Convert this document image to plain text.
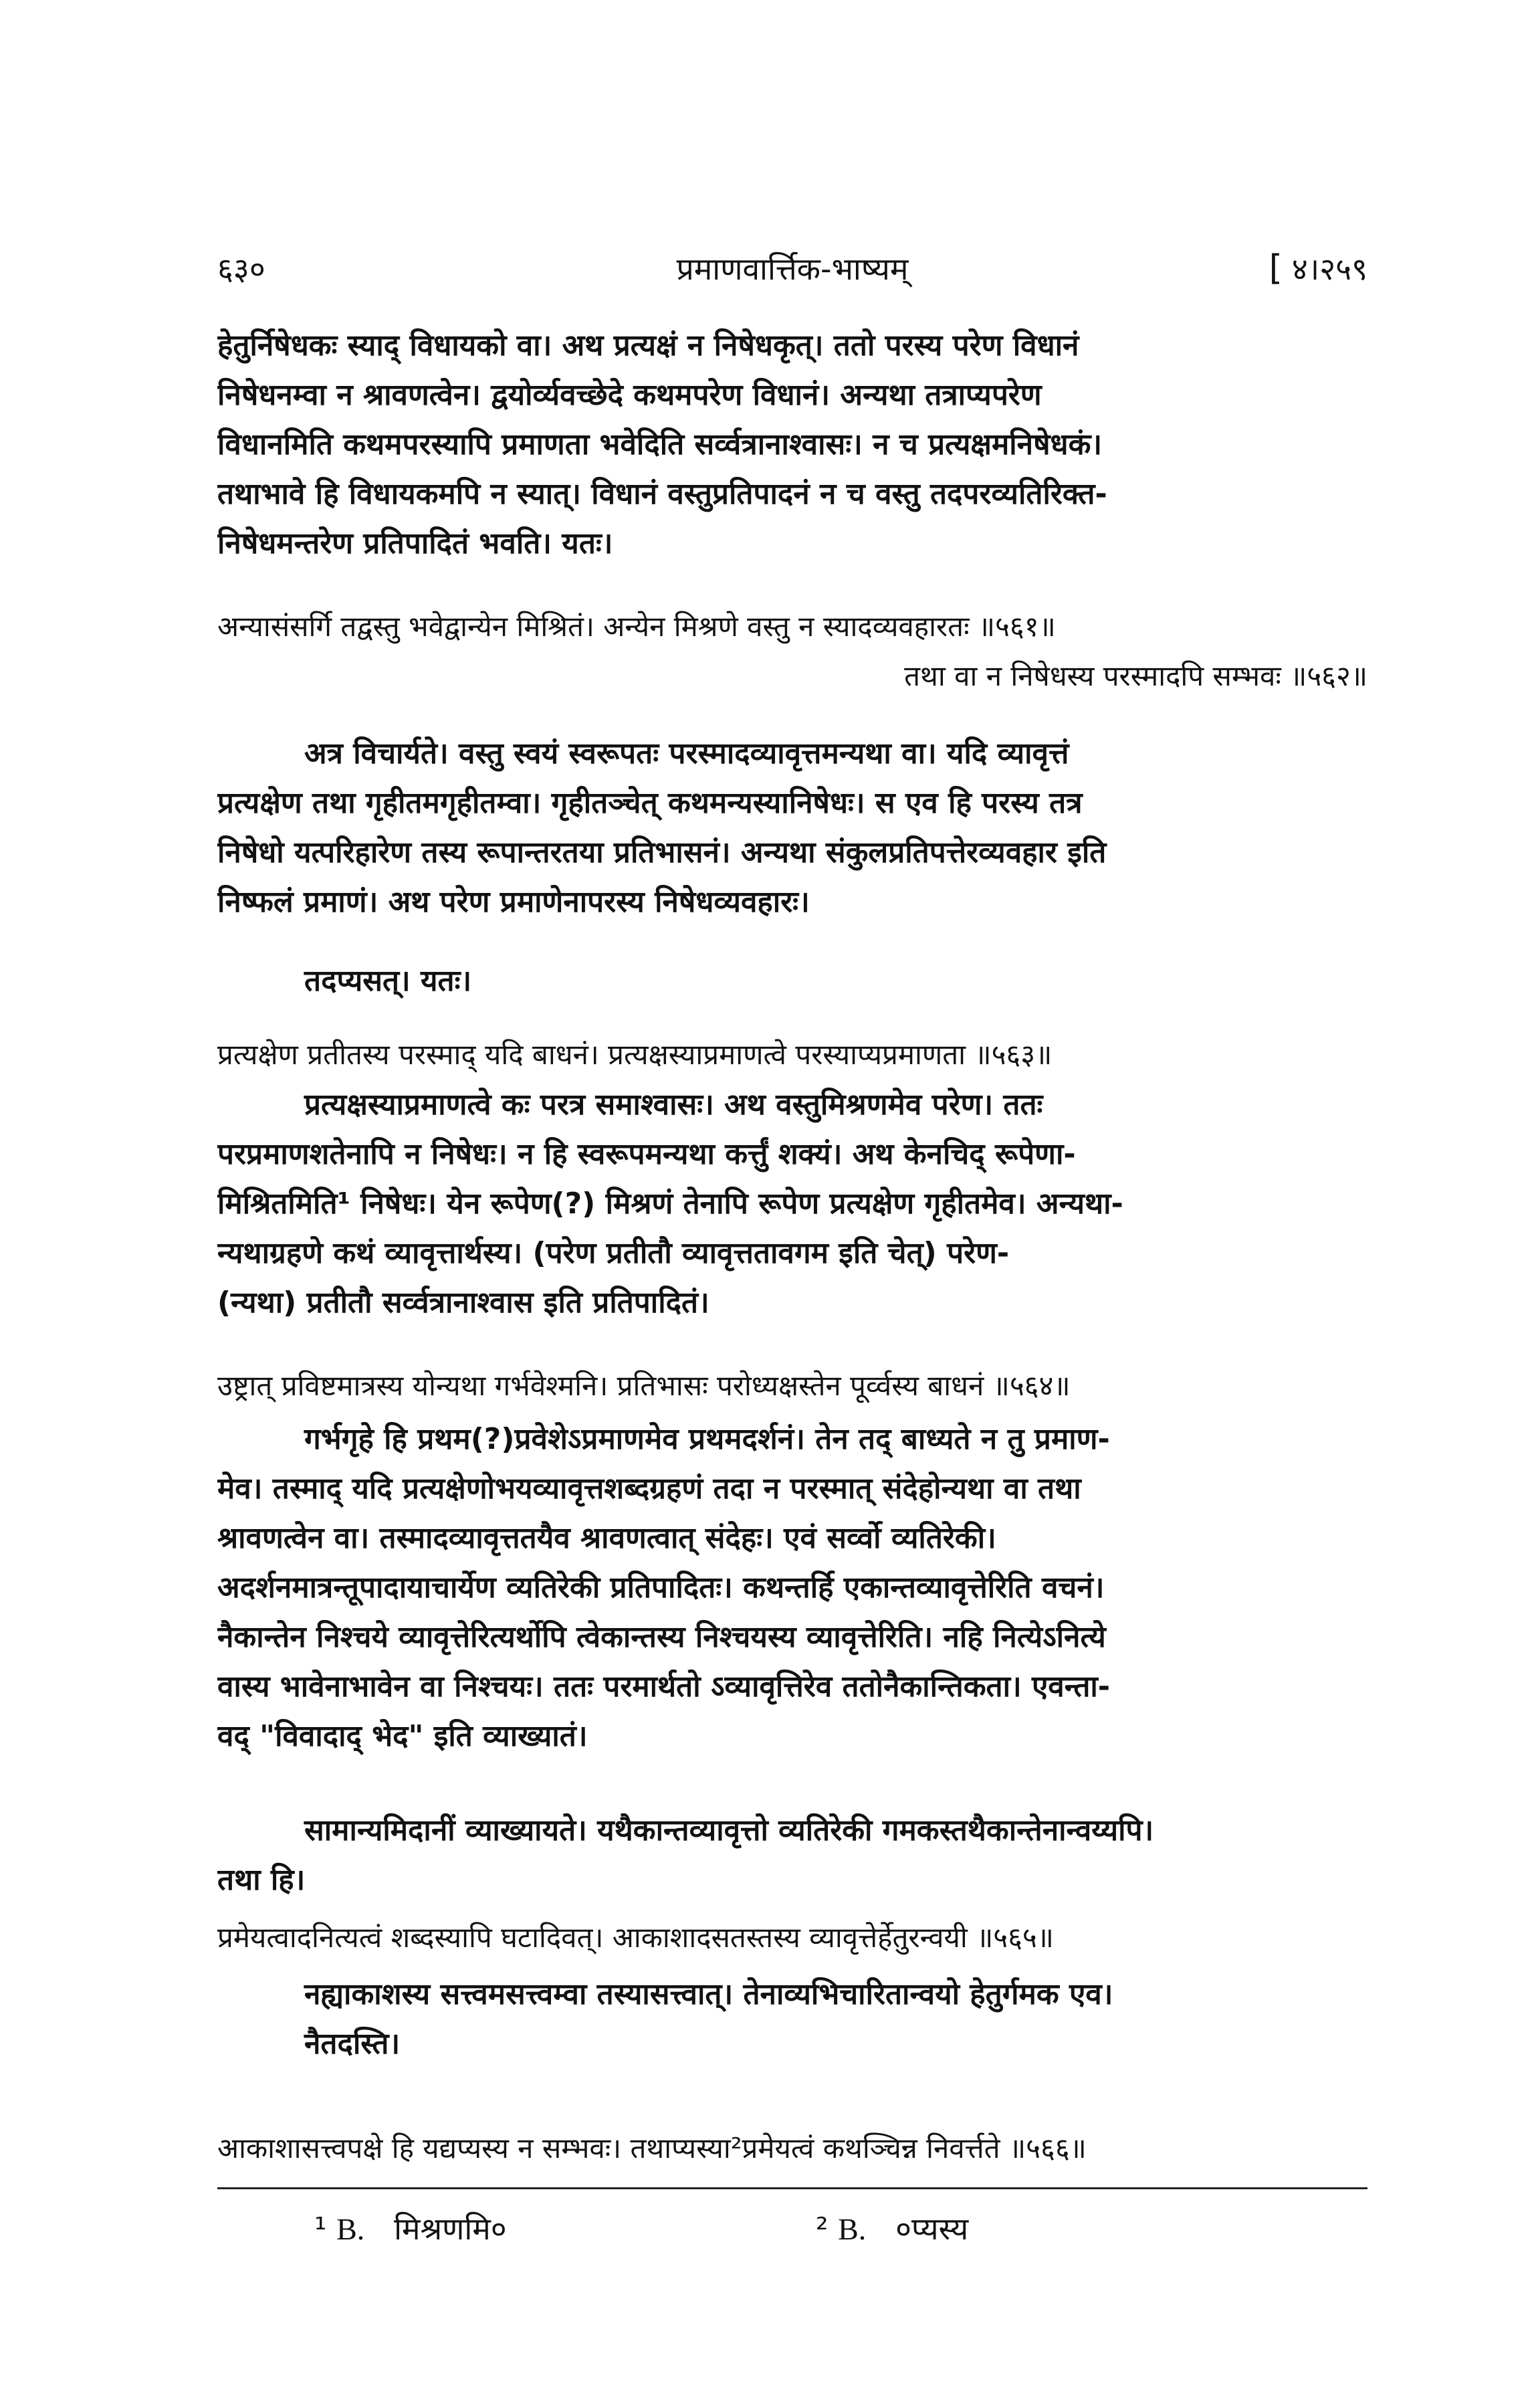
६३०	प्रमाणवार्त्तिक-भाष्यम्	[ ४।२५९
हेतुर्निषेधकः स्याद् विधायको वा। अथ प्रत्यक्षं न निषेधकृत्। ततो परस्य परेण विधानं
निषेधनम्वा न श्रावणत्वेन। द्वयोर्व्यवच्छेदे कथमपरेण विधानं। अन्यथा तत्राप्यपरेण
विधानमिति कथमपरस्यापि प्रमाणता भवेदिति सर्व्वत्रानाश्वासः। न च प्रत्यक्षमनिषेधकं।
तथाभावे हि विधायकमपि न स्यात्। विधानं वस्तुप्रतिपादनं न च वस्तु तदपरव्यतिरिक्त-
निषेधमन्तरेण प्रतिपादितं भवति। यतः।
अन्यासंसर्गि तद्वस्तु भवेद्वान्येन मिश्रितं। अन्येन मिश्रणे वस्तु न स्यादव्यवहारतः ॥५६१॥
तथा वा न निषेधस्य परस्मादपि सम्भवः ॥५६२॥
अत्र विचार्यते। वस्तु स्वयं स्वरूपतः परस्मादव्यावृत्तमन्यथा वा। यदि व्यावृत्तं
प्रत्यक्षेण तथा गृहीतमगृहीतम्वा। गृहीतञ्चेत् कथमन्यस्यानिषेधः। स एव हि परस्य तत्र
निषेधो यत्परिहारेण तस्य रूपान्तरतया प्रतिभासनं। अन्यथा संकुलप्रतिपत्तेरव्यवहार इति
निष्फलं प्रमाणं। अथ परेण प्रमाणेनापरस्य निषेधव्यवहारः।
तदप्यसत्। यतः।
प्रत्यक्षेण प्रतीतस्य परस्माद् यदि बाधनं। प्रत्यक्षस्याप्रमाणत्वे परस्याप्यप्रमाणता ॥५६३॥
प्रत्यक्षस्याप्रमाणत्वे कः परत्र समाश्वासः। अथ वस्तुमिश्रणमेव परेण। ततः
परप्रमाणशतेनापि न निषेधः। न हि स्वरूपमन्यथा कर्त्तुं शक्यं। अथ केनचिद् रूपेणा-
मिश्रितमिति¹ निषेधः। येन रूपेण(?) मिश्रणं तेनापि रूपेण प्रत्यक्षेण गृहीतमेव। अन्यथा-
न्यथाग्रहणे कथं व्यावृत्तार्थस्य। (परेण प्रतीतौ व्यावृत्ततावगम इति चेत्) परेण-
(न्यथा) प्रतीतौ सर्व्वत्रानाश्वास इति प्रतिपादितं।
उष्ट्रात् प्रविष्टमात्रस्य योन्यथा गर्भवेश्मनि। प्रतिभासः परोध्यक्षस्तेन पूर्व्वस्य बाधनं ॥५६४॥
गर्भगृहे हि प्रथम(?)प्रवेशेऽप्रमाणमेव प्रथमदर्शनं। तेन तद् बाध्यते न तु प्रमाण-
मेव। तस्माद् यदि प्रत्यक्षेणोभयव्यावृत्तशब्दग्रहणं तदा न परस्मात् संदेहोन्यथा वा तथा
श्रावणत्वेन वा। तस्मादव्यावृत्ततयैव श्रावणत्वात् संदेहः। एवं सर्व्वो व्यतिरेकी।
अदर्शनमात्रन्तूपादायाचार्येण व्यतिरेकी प्रतिपादितः। कथन्तर्हि एकान्तव्यावृत्तेरिति वचनं।
नैकान्तेन निश्चये व्यावृत्तेरित्यर्थोपि त्वेकान्तस्य निश्चयस्य व्यावृत्तेरिति। नहि नित्येऽनित्ये
वास्य भावेनाभावेन वा निश्चयः। ततः परमार्थतो ऽव्यावृत्तिरेव ततोनैकान्तिकता। एवन्ता-
वद् "विवादाद् भेद" इति व्याख्यातं।
सामान्यमिदानीं व्याख्यायते। यथैकान्तव्यावृत्तो व्यतिरेकी गमकस्तथैकान्तेनान्वय्यपि।
तथा हि।
प्रमेयत्वादनित्यत्वं शब्दस्यापि घटादिवत्। आकाशादसतस्तस्य व्यावृत्तेर्हेतुरन्वयी ॥५६५॥
नह्याकाशस्य सत्त्वमसत्त्वम्वा तस्यासत्त्वात्। तेनाव्यभिचारितान्वयो हेतुर्गमक एव।
नैतदस्ति।
आकाशासत्त्वपक्षे हि यद्यप्यस्य न सम्भवः। तथाप्यस्या²प्रमेयत्वं कथञ्चिन्न निवर्त्तते ॥५६६॥
¹ B. मिश्रणमि०	² B. ०प्यस्य
